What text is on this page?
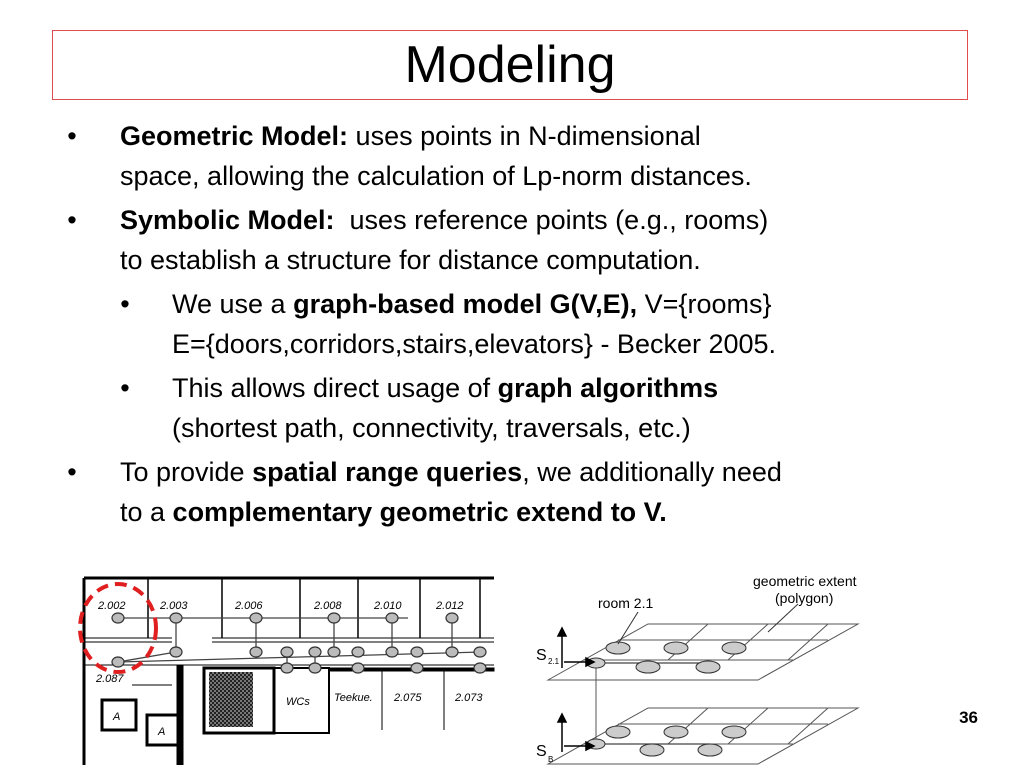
Modeling
• Geometric Model: uses points in N-dimensional
space, allowing the calculation of Lp-norm distances.
• Symbolic Model:  uses reference points (e.g., rooms)
to establish a structure for distance computation.
• We use a graph-based model G(V,E), V={rooms}
E={doors,corridors,stairs,elevators} - Becker 2005.
• This allows direct usage of graph algorithms
(shortest path, connectivity, traversals, etc.)
• To provide spatial range queries, we additionally need
to a complementary geometric extend to V.
2.002	2.003	2.006	2.008	2.010	2.012
2.087
WCs Teekue. 2.075	2.073
A
A
geometric extent
(polygon)
room 2.1
S 2.1
S B
36
